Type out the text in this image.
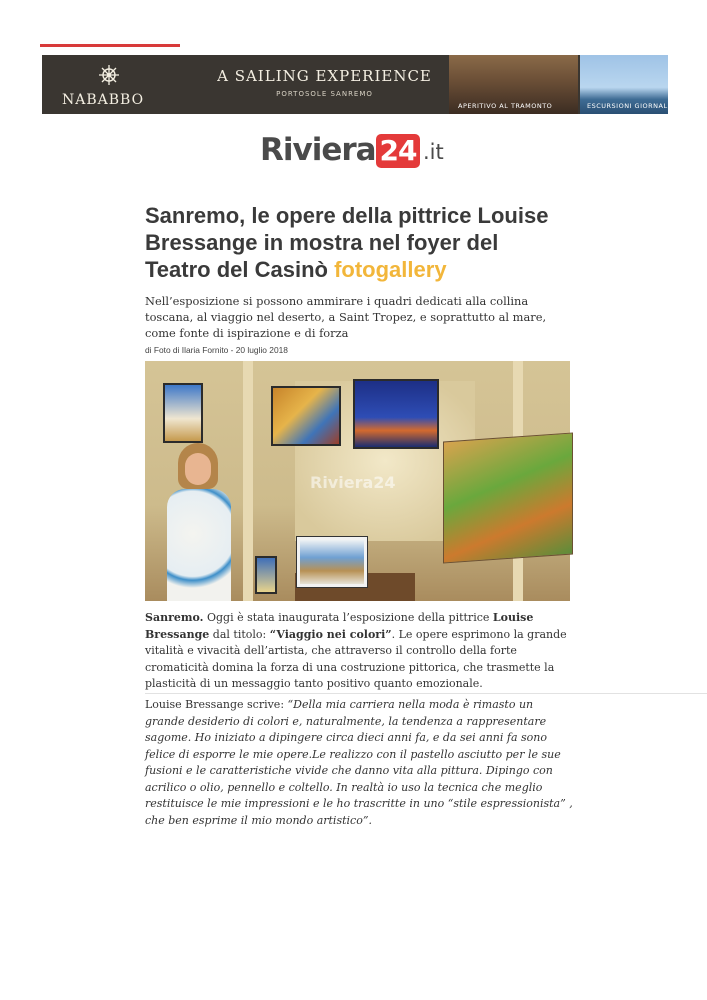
NABABBO
A SAILING EXPERIENCE
PORTOSOLE SANREMO
APERITIVO AL TRAMONTO	ESCURSIONI GIORNALIERE
Riviera 24 .it
Sanremo, le opere della pittrice Louise Bressange in mostra nel foyer del Teatro del Casinò fotogallery

Nell’esposizione si possono ammirare i quadri dedicati alla collina toscana, al viaggio nel deserto, a Saint Tropez, e soprattutto al mare, come fonte di ispirazione e di forza

di Foto di Ilaria Fornito - 20 luglio 2018
Riviera24

Sanremo. Oggi è stata inaugurata l’esposizione della pittrice Louise Bressange dal titolo: “Viaggio nei colori”. Le opere esprimono la grande vitalità e vivacità dell’artista, che attraverso il controllo della forte cromaticità domina la forza di una costruzione pittorica, che trasmette la plasticità di un messaggio tanto positivo quanto emozionale.

Louise Bressange scrive: “Della mia carriera nella moda è rimasto un grande desiderio di colori e, naturalmente, la tendenza a rappresentare sagome. Ho iniziato a dipingere circa dieci anni fa, e da sei anni fa sono felice di esporre le mie opere.Le realizzo con il pastello asciutto per le sue fusioni e le caratteristiche vivide che danno vita alla pittura. Dipingo con acrilico o olio, pennello e coltello. In realtà io uso la tecnica che meglio restituisce le mie impressioni e le ho trascritte in uno “stile espressionista” , che ben esprime il mio mondo artistico”.
